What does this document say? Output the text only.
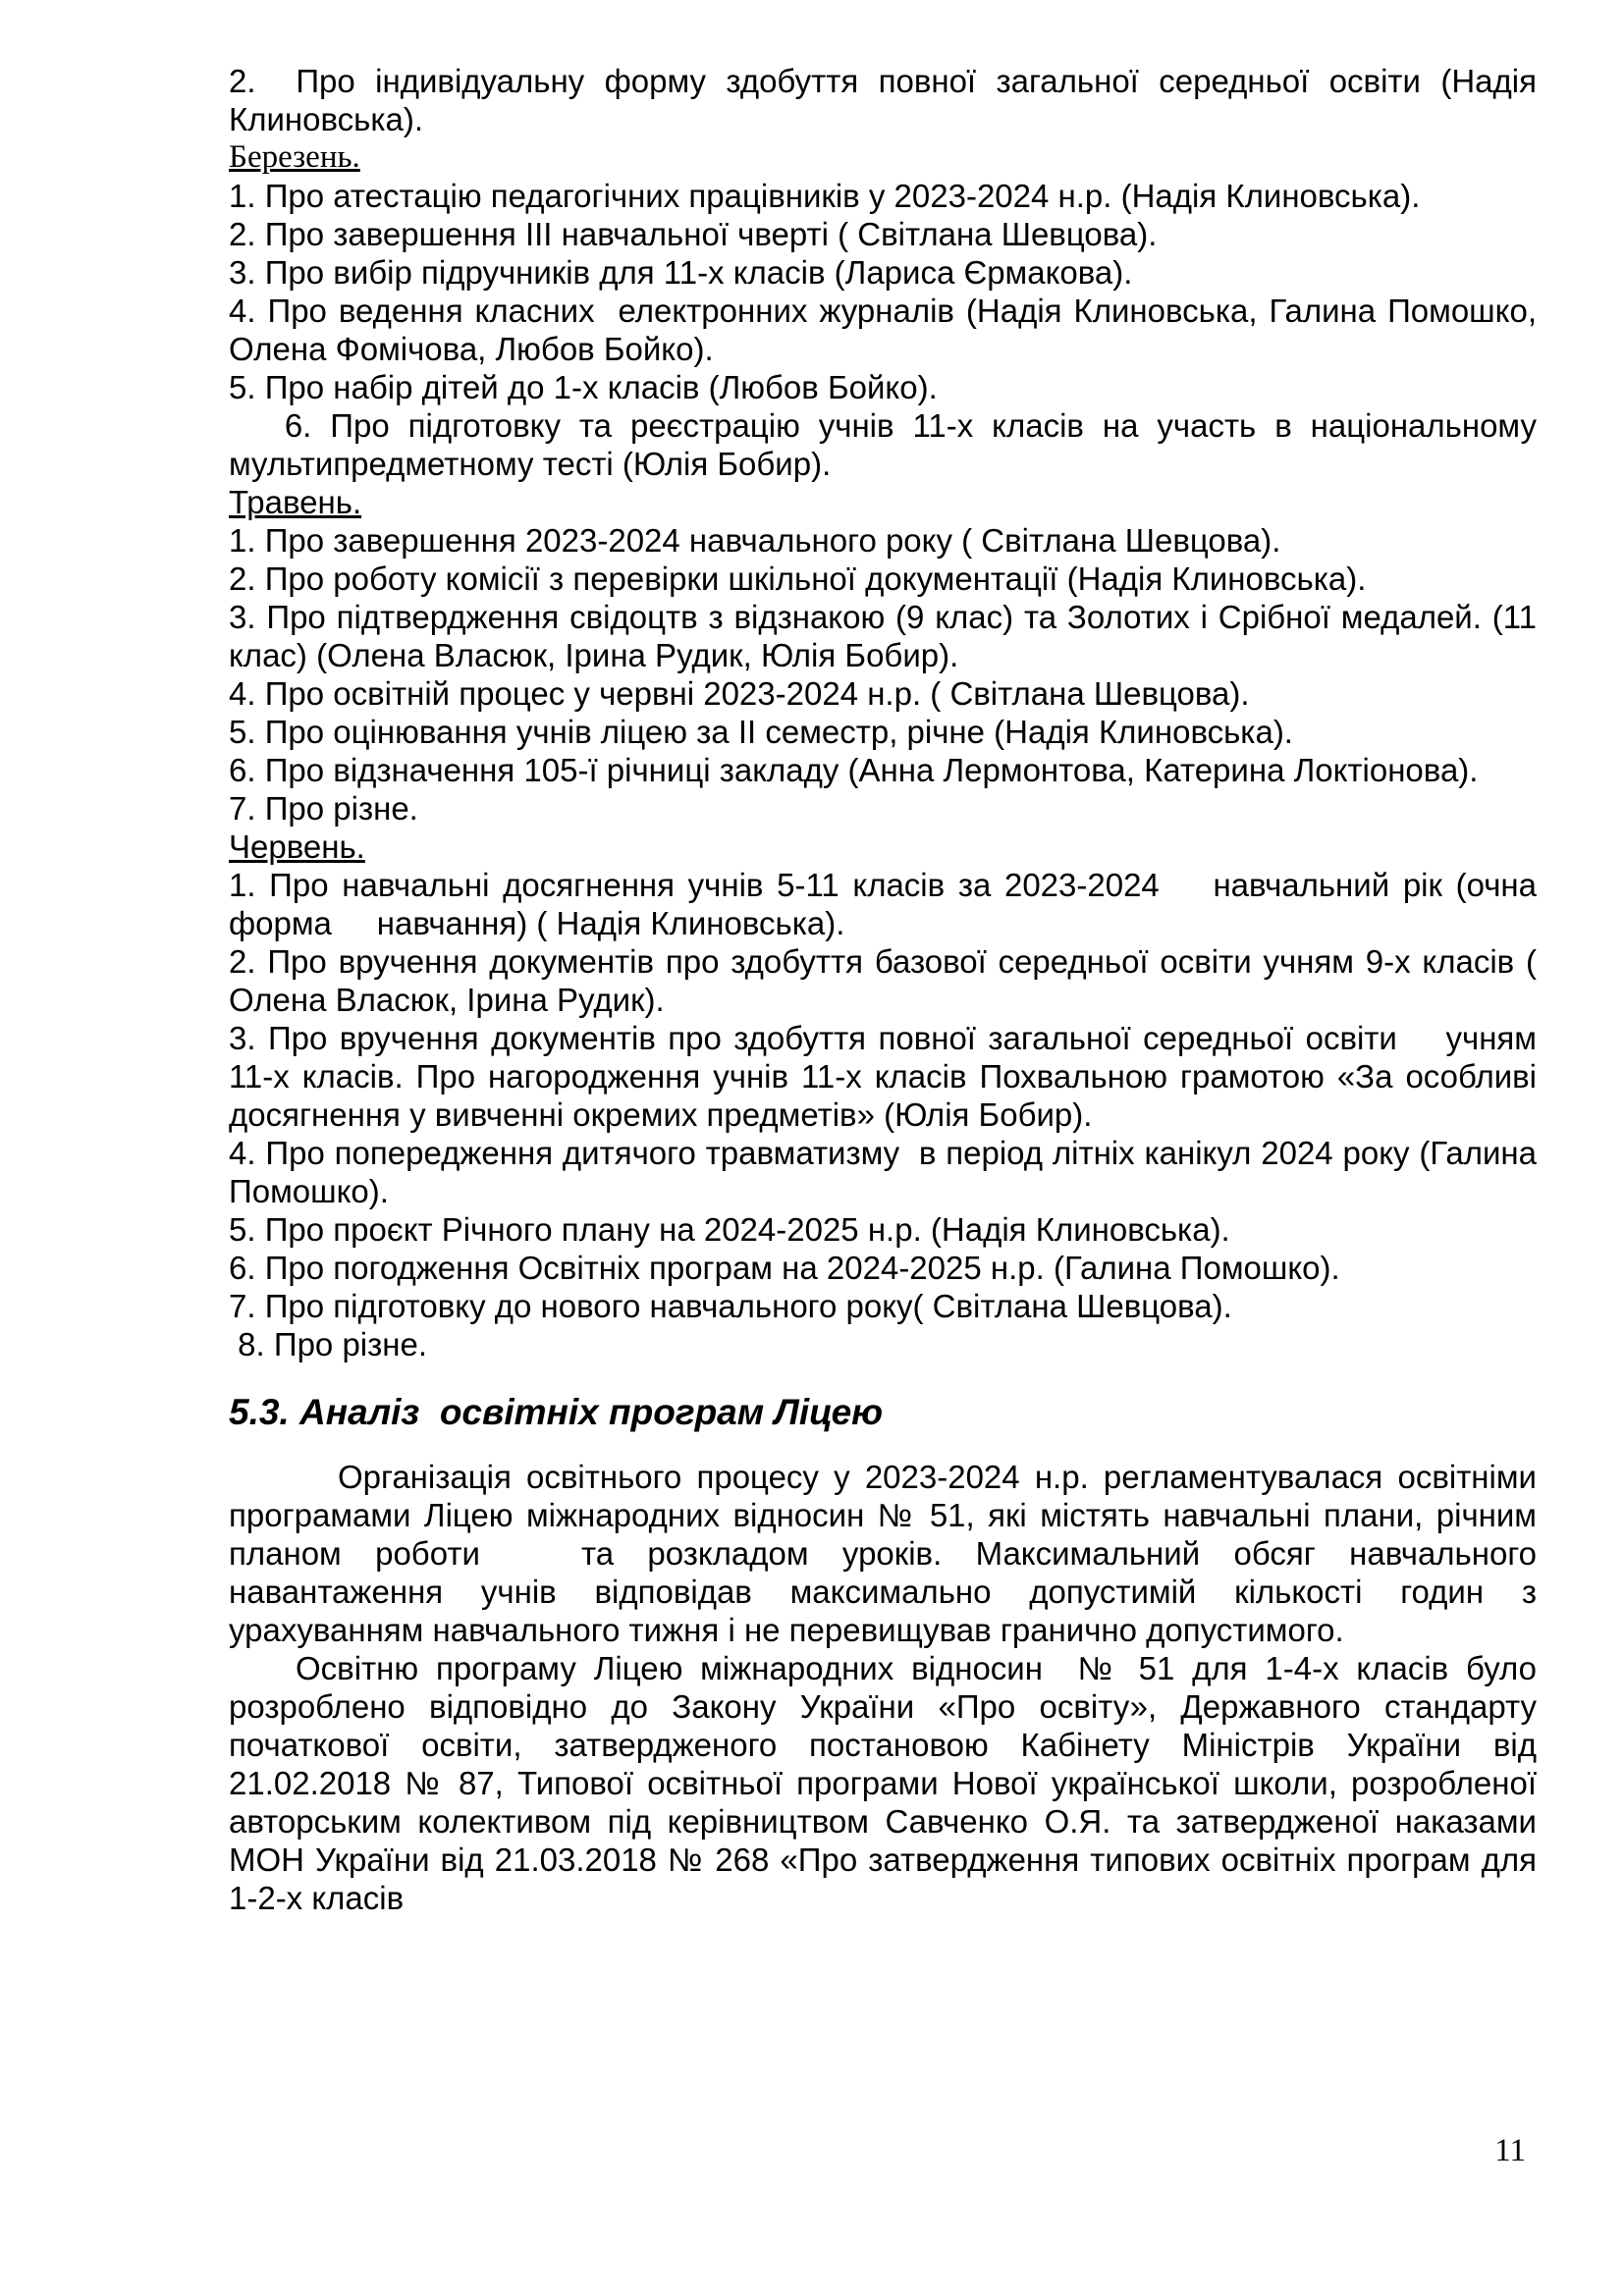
2.  Про індивідуальну форму здобуття повної загальної середньої освіти (Надія Клиновська).

Березень.

1. Про атестацію педагогічних працівників у 2023-2024 н.р. (Надія Клиновська).

2. Про завершення ІІІ навчальної чверті ( Світлана Шевцова).

3. Про вибір підручників для 11-х класів (Лариса Єрмакова).

4. Про ведення класних  електронних журналів (Надія Клиновська, Галина Помошко, Олена Фомічова, Любов Бойко).

5. Про набір дітей до 1-х класів (Любов Бойко).

6. Про підготовку та реєстрацію учнів 11-х класів на участь в національному мультипредметному тесті (Юлія Бобир).

Травень.

1. Про завершення 2023-2024 навчального року ( Світлана Шевцова).

2. Про роботу комісії з перевірки шкільної документації (Надія Клиновська).

3. Про підтвердження свідоцтв з відзнакою (9 клас) та Золотих і Срібної медалей. (11 клас) (Олена Власюк, Ірина Рудик, Юлія Бобир).

4. Про освітній процес у червні 2023-2024 н.р. ( Світлана Шевцова).

5. Про оцінювання учнів ліцею за ІІ семестр, річне (Надія Клиновська).

6. Про відзначення 105-ї річниці закладу (Анна Лермонтова, Катерина Локтіонова).

7. Про різне.

Червень.

1. Про навчальні досягнення учнів 5-11 класів за 2023-2024    навчальний рік (очна форма     навчання) ( Надія Клиновська).

2. Про вручення документів про здобуття базової середньої освіти учням 9-х класів ( Олена Власюк, Ірина Рудик).

3. Про вручення документів про здобуття повної загальної середньої освіти    учням    11-х класів. Про нагородження учнів 11-х класів Похвальною грамотою «За особливі досягнення у вивченні окремих предметів» (Юлія Бобир).

4. Про попередження дитячого травматизму  в період літніх канікул 2024 року (Галина Помошко).

5. Про проєкт Річного плану на 2024-2025 н.р. (Надія Клиновська).

6. Про погодження Освітніх програм на 2024-2025 н.р. (Галина Помошко).

7. Про підготовку до нового навчального року( Світлана Шевцова).

8. Про різне.

5.3. Аналіз  освітніх програм Ліцею

Організація освітнього процесу у 2023-2024 н.р. регламентувалася освітніми програмами Ліцею міжнародних відносин № 51, які містять навчальні плани, річним  планом роботи   та розкладом уроків. Максимальний обсяг навчального навантаження учнів відповідав максимально допустимій кількості годин з урахуванням навчального тижня і не перевищував гранично допустимого.

Освітню програму Ліцею міжнародних відносин  № 51 для 1-4-х класів було розроблено відповідно до Закону України «Про освіту», Державного стандарту початкової освіти, затвердженого постановою Кабінету Міністрів України від 21.02.2018 № 87, Типової освітньої програми Нової української школи, розробленої авторським колективом під керівництвом Савченко О.Я. та затвердженої наказами МОН України від 21.03.2018 № 268 «Про затвердження типових освітніх програм для 1-2-х класів

11
